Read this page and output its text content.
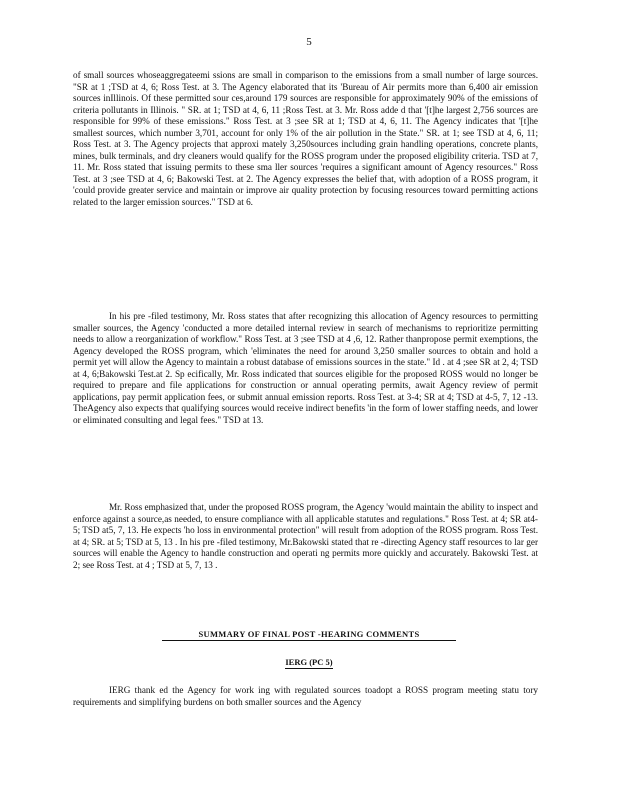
5

of small sources whoseaggregateemi ssions are small in comparison to the emissions from a small number of large sources. "SR at 1 ;TSD at 4, 6; Ross Test. at 3. The Agency elaborated that its 'Bureau of Air permits more than 6,400 air emission sources inIllinois. Of these permitted sour ces,around 179 sources are responsible for approximately 90% of the emissions of criteria pollutants in Illinois. " SR. at 1; TSD at 4, 6, 11 ;Ross Test. at 3. Mr. Ross adde d that '[t]he largest 2,756 sources are responsible for 99% of these emissions." Ross Test. at 3 ;see SR at 1; TSD at 4, 6, 11. The Agency indicates that '[t]he smallest sources, which number 3,701, account for only 1% of the air pollution in the State." SR. at 1; see TSD at 4, 6, 11; Ross Test. at 3. The Agency projects that approxi mately 3,250sources including grain handling operations, concrete plants, mines, bulk terminals, and dry cleaners would qualify for the ROSS program under the proposed eligibility criteria. TSD at 7, 11. Mr. Ross stated that issuing permits to these sma ller sources 'requires a significant amount of Agency resources." Ross Test. at 3 ;see TSD at 4, 6; Bakowski Test. at 2. The Agency expresses the belief that, with adoption of a ROSS program, it 'could provide greater service and maintain or improve air quality protection by focusing resources toward permitting actions related to the larger emission sources." TSD at 6.

In his pre -filed testimony, Mr. Ross states that after recognizing this allocation of Agency resources to permitting smaller sources, the Agency 'conducted a more detailed internal review in search of mechanisms to reprioritize permitting needs to allow a reorganization of workflow." Ross Test. at 3 ;see TSD at 4 ,6, 12. Rather thanpropose permit exemptions, the Agency developed the ROSS program, which 'eliminates the need for around 3,250 smaller sources to obtain and hold a permit yet will allow the Agency to maintain a robust database of emissions sources in the state." Id . at 4 ;see SR at 2, 4; TSD at 4, 6;Bakowski Test.at 2. Sp ecifically, Mr. Ross indicated that sources eligible for the proposed ROSS would no longer be required to prepare and file applications for construction or annual operating permits, await Agency review of permit applications, pay permit application fees, or submit annual emission reports. Ross Test. at 3-4; SR at 4; TSD at 4-5, 7, 12 -13. TheAgency also expects that qualifying sources would receive indirect benefits 'in the form of lower staffing needs, and lower or eliminated consulting and legal fees." TSD at 13.

Mr. Ross emphasized that, under the proposed ROSS program, the Agency 'would maintain the ability to inspect and enforce against a source,as needed, to ensure compliance with all applicable statutes and regulations." Ross Test. at 4; SR at4- 5; TSD at5, 7, 13. He expects 'ho loss in environmental protection" will result from adoption of the ROSS program. Ross Test. at 4; SR. at 5; TSD at 5, 13 . In his pre -filed testimony, Mr.Bakowski stated that re -directing Agency staff resources to lar ger sources will enable the Agency to handle construction and operati ng permits more quickly and accurately. Bakowski Test. at 2; see Ross Test. at 4 ; TSD at 5, 7, 13 .

SUMMARY OF FINAL POST -HEARING COMMENTS
IERG (PC 5)

IERG thank ed the Agency for work ing with regulated sources toadopt a ROSS program meeting statu tory requirements and simplifying burdens on both smaller sources and the Agency
